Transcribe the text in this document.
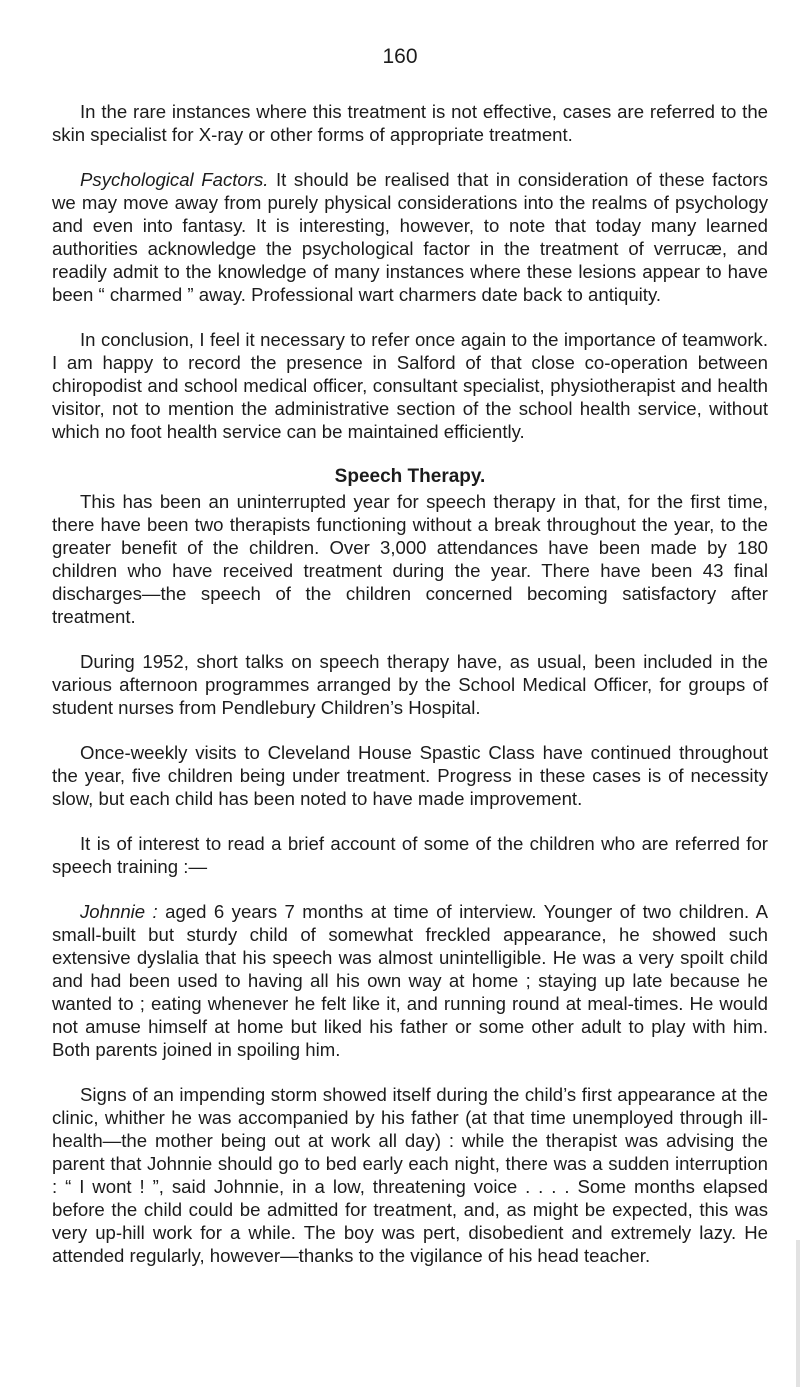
160

In the rare instances where this treatment is not effective, cases are referred to the skin specialist for X-ray or other forms of appropriate treatment.

Psychological Factors. It should be realised that in consideration of these factors we may move away from purely physical considerations into the realms of psychology and even into fantasy. It is interesting, however, to note that today many learned authorities acknowledge the psychological factor in the treatment of verrucæ, and readily admit to the knowledge of many instances where these lesions appear to have been “ charmed ” away. Professional wart charmers date back to antiquity.

In conclusion, I feel it necessary to refer once again to the importance of teamwork. I am happy to record the presence in Salford of that close co-operation between chiropodist and school medical officer, consultant specialist, physiotherapist and health visitor, not to mention the administrative section of the school health service, without which no foot health service can be maintained efficiently.

Speech Therapy.

This has been an uninterrupted year for speech therapy in that, for the first time, there have been two therapists functioning without a break throughout the year, to the greater benefit of the children. Over 3,000 attendances have been made by 180 children who have received treatment during the year. There have been 43 final discharges—the speech of the children concerned becoming satisfactory after treatment.

During 1952, short talks on speech therapy have, as usual, been included in the various afternoon programmes arranged by the School Medical Officer, for groups of student nurses from Pendlebury Children’s Hospital.

Once-weekly visits to Cleveland House Spastic Class have continued throughout the year, five children being under treatment. Progress in these cases is of necessity slow, but each child has been noted to have made improvement.

It is of interest to read a brief account of some of the children who are referred for speech training :—

Johnnie : aged 6 years 7 months at time of interview. Younger of two children. A small-built but sturdy child of somewhat freckled appearance, he showed such extensive dyslalia that his speech was almost unintelligible. He was a very spoilt child and had been used to having all his own way at home ; staying up late because he wanted to ; eating whenever he felt like it, and running round at meal-times. He would not amuse himself at home but liked his father or some other adult to play with him. Both parents joined in spoiling him.

Signs of an impending storm showed itself during the child’s first appearance at the clinic, whither he was accompanied by his father (at that time unemployed through ill-health—the mother being out at work all day) : while the therapist was advising the parent that Johnnie should go to bed early each night, there was a sudden interruption : “ I wont ! ”, said Johnnie, in a low, threatening voice . . . . Some months elapsed before the child could be admitted for treatment, and, as might be expected, this was very up-hill work for a while. The boy was pert, disobedient and extremely lazy. He attended regularly, however—thanks to the vigilance of his head teacher.
